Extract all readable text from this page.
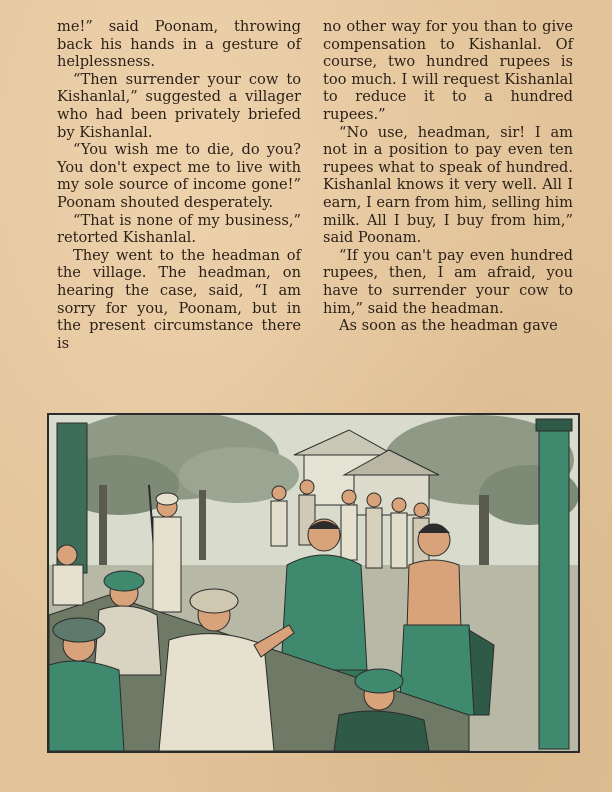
me!” said Poonam, throwing back his hands in a gesture of helplessness.

“Then surrender your cow to Kishanlal,” suggested a villager who had been privately briefed by Kishanlal.

“You wish me to die, do you? You don't expect me to live with my sole source of income gone!” Poonam shouted desperately.

“That is none of my business,” retorted Kishanlal.

They went to the headman of the village. The headman, on hearing the case, said, “I am sorry for you, Poonam, but in the present circumstance there is

no other way for you than to give compensation to Kishanlal. Of course, two hundred rupees is too much. I will request Kishanlal to reduce it to a hundred rupees.”

“No use, headman, sir! I am not in a position to pay even ten rupees what to speak of hundred. Kishanlal knows it very well. All I earn, I earn from him, selling him milk. All I buy, I buy from him,” said Poonam.

“If you can't pay even hundred rupees, then, I am afraid, you have to surrender your cow to him,” said the headman.

As soon as the headman gave
